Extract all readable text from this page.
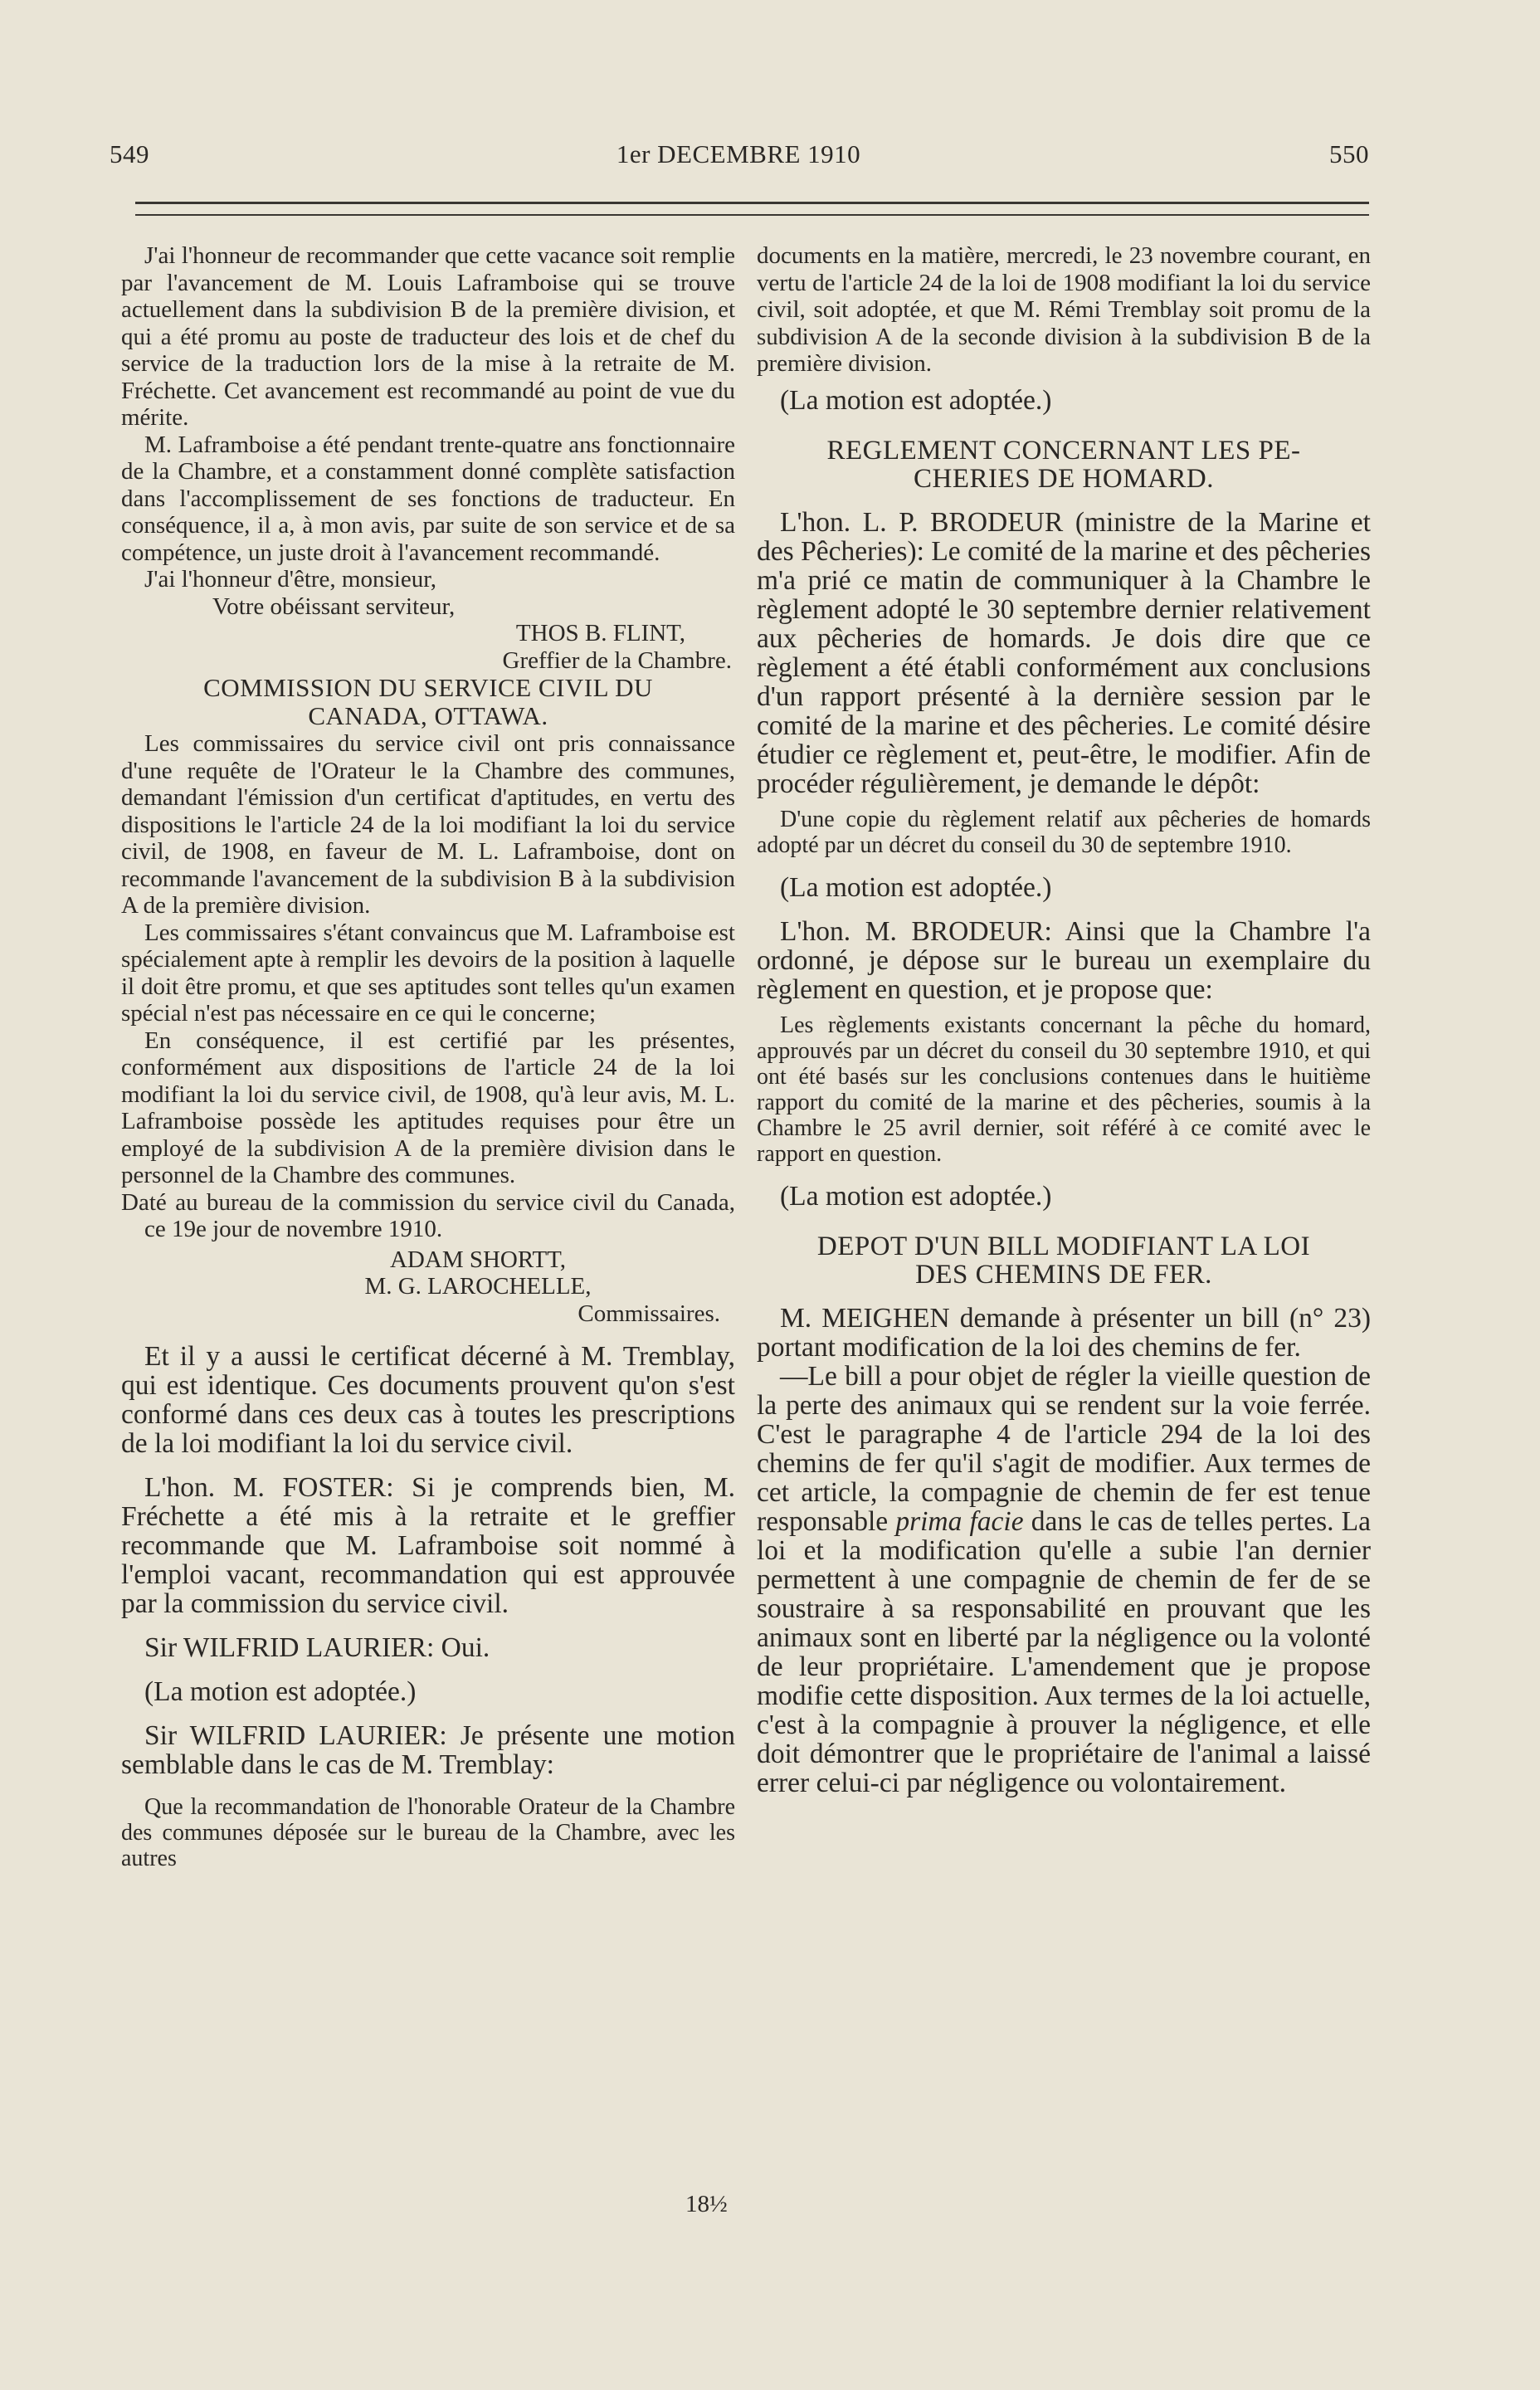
549	1er DECEMBRE 1910	550

J'ai l'honneur de recommander que cette vacance soit remplie par l'avancement de M. Louis Laframboise qui se trouve actuellement dans la subdivision B de la première division, et qui a été promu au poste de traducteur des lois et de chef du service de la traduction lors de la mise à la retraite de M. Fréchette. Cet avancement est recommandé au point de vue du mérite.

M. Laframboise a été pendant trente-quatre ans fonctionnaire de la Chambre, et a constamment donné complète satisfaction dans l'accomplissement de ses fonctions de traducteur. En conséquence, il a, à mon avis, par suite de son service et de sa compétence, un juste droit à l'avancement recommandé.

J'ai l'honneur d'être, monsieur,

Votre obéissant serviteur,

THOS B. FLINT,

Greffier de la Chambre.

COMMISSION DU SERVICE CIVIL DU

CANADA, OTTAWA.

Les commissaires du service civil ont pris connaissance d'une requête de l'Orateur le la Chambre des communes, demandant l'émission d'un certificat d'aptitudes, en vertu des dispositions le l'article 24 de la loi modifiant la loi du service civil, de 1908, en faveur de M. L. Laframboise, dont on recommande l'avancement de la subdivision B à la subdivision A de la première division.

Les commissaires s'étant convaincus que M. Laframboise est spécialement apte à remplir les devoirs de la position à laquelle il doit être promu, et que ses aptitudes sont telles qu'un examen spécial n'est pas nécessaire en ce qui le concerne;

En conséquence, il est certifié par les présentes, conformément aux dispositions de l'article 24 de la loi modifiant la loi du service civil, de 1908, qu'à leur avis, M. L. Laframboise possède les aptitudes requises pour être un employé de la subdivision A de la première division dans le personnel de la Chambre des communes.

Daté au bureau de la commission du service civil du Canada, ce 19e jour de novembre 1910.

ADAM SHORTT,

M. G. LAROCHELLE,

Commissaires.

Et il y a aussi le certificat décerné à M. Tremblay, qui est identique. Ces documents prouvent qu'on s'est conformé dans ces deux cas à toutes les prescriptions de la loi modifiant la loi du service civil.

L'hon. M. FOSTER: Si je comprends bien, M. Fréchette a été mis à la retraite et le greffier recommande que M. Laframboise soit nommé à l'emploi vacant, recommandation qui est approuvée par la commission du service civil.

Sir WILFRID LAURIER: Oui.

(La motion est adoptée.)

Sir WILFRID LAURIER: Je présente une motion semblable dans le cas de M. Tremblay:

Que la recommandation de l'honorable Orateur de la Chambre des communes déposée sur le bureau de la Chambre, avec les autres

documents en la matière, mercredi, le 23 novembre courant, en vertu de l'article 24 de la loi de 1908 modifiant la loi du service civil, soit adoptée, et que M. Rémi Tremblay soit promu de la subdivision A de la seconde division à la subdivision B de la première division.

(La motion est adoptée.)

REGLEMENT CONCERNANT LES PE-

CHERIES DE HOMARD.

L'hon. L. P. BRODEUR (ministre de la Marine et des Pêcheries): Le comité de la marine et des pêcheries m'a prié ce matin de communiquer à la Chambre le règlement adopté le 30 septembre dernier relativement aux pêcheries de homards. Je dois dire que ce règlement a été établi conformément aux conclusions d'un rapport présenté à la dernière session par le comité de la marine et des pêcheries. Le comité désire étudier ce règlement et, peut-être, le modifier. Afin de procéder régulièrement, je demande le dépôt:

D'une copie du règlement relatif aux pêcheries de homards adopté par un décret du conseil du 30 de septembre 1910.

(La motion est adoptée.)

L'hon. M. BRODEUR: Ainsi que la Chambre l'a ordonné, je dépose sur le bureau un exemplaire du règlement en question, et je propose que:

Les règlements existants concernant la pêche du homard, approuvés par un décret du conseil du 30 septembre 1910, et qui ont été basés sur les conclusions contenues dans le huitième rapport du comité de la marine et des pêcheries, soumis à la Chambre le 25 avril dernier, soit référé à ce comité avec le rapport en question.

(La motion est adoptée.)

DEPOT D'UN BILL MODIFIANT LA LOI

DES CHEMINS DE FER.

M. MEIGHEN demande à présenter un bill (n° 23) portant modification de la loi des chemins de fer.

—Le bill a pour objet de régler la vieille question de la perte des animaux qui se rendent sur la voie ferrée. C'est le paragraphe 4 de l'article 294 de la loi des chemins de fer qu'il s'agit de modifier. Aux termes de cet article, la compagnie de chemin de fer est tenue responsable prima facie dans le cas de telles pertes. La loi et la modification qu'elle a subie l'an dernier permettent à une compagnie de chemin de fer de se soustraire à sa responsabilité en prouvant que les animaux sont en liberté par la négligence ou la volonté de leur propriétaire. L'amendement que je propose modifie cette disposition. Aux termes de la loi actuelle, c'est à la compagnie à prouver la négligence, et elle doit démontrer que le propriétaire de l'animal a laissé errer celui-ci par négligence ou volontairement.

18½
